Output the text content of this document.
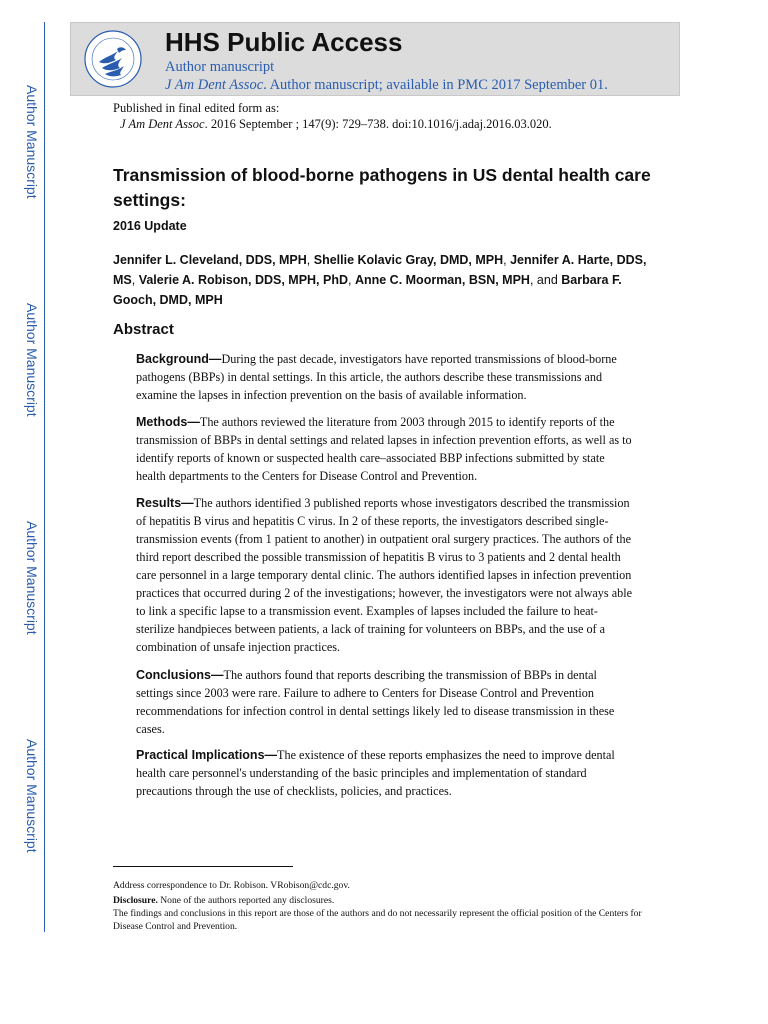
Author Manuscript
Author Manuscript
Author Manuscript
Author Manuscript
HHS Public Access
Author manuscript
J Am Dent Assoc. Author manuscript; available in PMC 2017 September 01.
Published in final edited form as:
J Am Dent Assoc. 2016 September ; 147(9): 729–738. doi:10.1016/j.adaj.2016.03.020.
Transmission of blood-borne pathogens in US dental health care settings:
2016 Update
Jennifer L. Cleveland, DDS, MPH, Shellie Kolavic Gray, DMD, MPH, Jennifer A. Harte, DDS, MS, Valerie A. Robison, DDS, MPH, PhD, Anne C. Moorman, BSN, MPH, and Barbara F. Gooch, DMD, MPH
Abstract

Background—During the past decade, investigators have reported transmissions of blood-borne pathogens (BBPs) in dental settings. In this article, the authors describe these transmissions and examine the lapses in infection prevention on the basis of available information.

Methods—The authors reviewed the literature from 2003 through 2015 to identify reports of the transmission of BBPs in dental settings and related lapses in infection prevention efforts, as well as to identify reports of known or suspected health care–associated BBP infections submitted by state health departments to the Centers for Disease Control and Prevention.

Results—The authors identified 3 published reports whose investigators described the transmission of hepatitis B virus and hepatitis C virus. In 2 of these reports, the investigators described single-transmission events (from 1 patient to another) in outpatient oral surgery practices. The authors of the third report described the possible transmission of hepatitis B virus to 3 patients and 2 dental health care personnel in a large temporary dental clinic. The authors identified lapses in infection prevention practices that occurred during 2 of the investigations; however, the investigators were not always able to link a specific lapse to a transmission event. Examples of lapses included the failure to heat-sterilize handpieces between patients, a lack of training for volunteers on BBPs, and the use of a combination of unsafe injection practices.

Conclusions—The authors found that reports describing the transmission of BBPs in dental settings since 2003 were rare. Failure to adhere to Centers for Disease Control and Prevention recommendations for infection control in dental settings likely led to disease transmission in these cases.

Practical Implications—The existence of these reports emphasizes the need to improve dental health care personnel's understanding of the basic principles and implementation of standard precautions through the use of checklists, policies, and practices.

Address correspondence to Dr. Robison. VRobison@cdc.gov.
Disclosure. None of the authors reported any disclosures.
The findings and conclusions in this report are those of the authors and do not necessarily represent the official position of the Centers for Disease Control and Prevention.
